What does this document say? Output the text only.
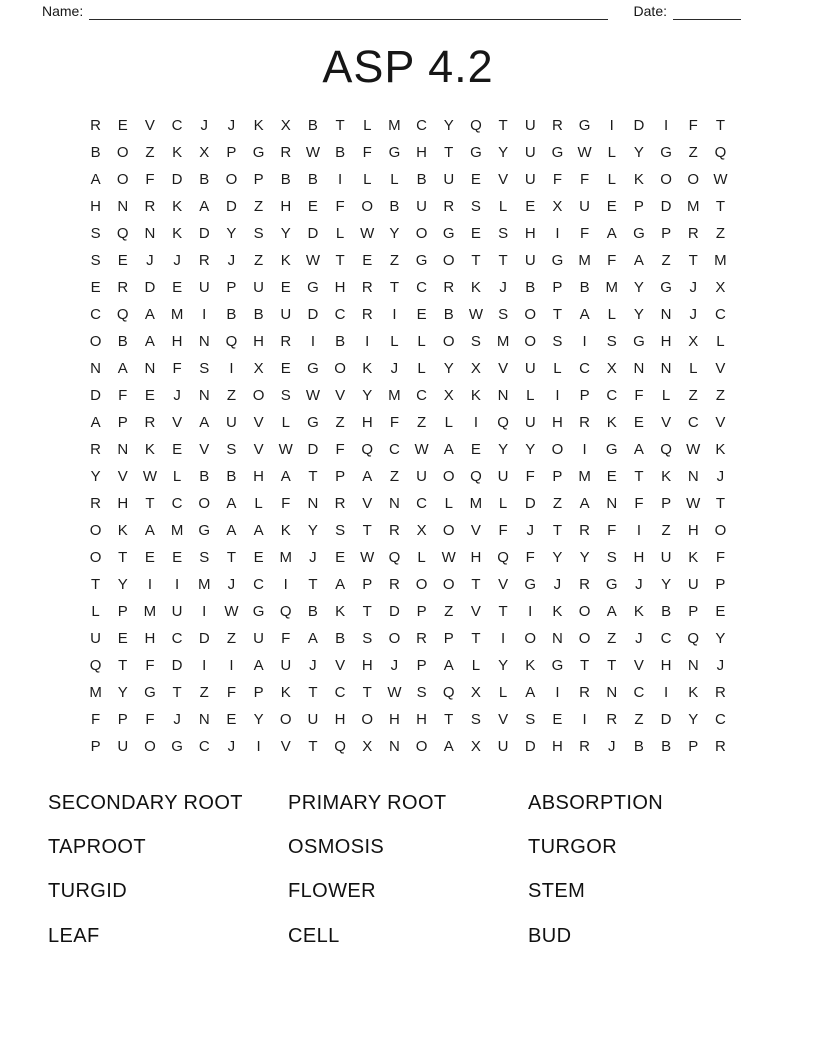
Name:	Date:
ASP 4.2
R	E	V	C	J	J	K	X	B	T	L	M	C	Y	Q	T	U	R	G	I	D	I	F	T
B	O	Z	K	X	P	G	R W	B	F	G	H	T	G	Y	U	G W	L	Y	G	Z	Q
A	O	F	D	B	O	P	B	B	I	L	L	B	U	E	V	U	F	F	L	K	O	O W
H	N	R	K	A	D	Z	H	E	F	O	B	U	R	S	L	E	X	U	E	P	D	M	T
S	Q	N	K	D	Y	S	Y	D	L	W	Y	O	G	E	S	H	I	F	A	G	P	R	Z
S	E	J	J	R	J	Z	K	W	T	E	Z	G	O	T	T	U	G	M	F	A	Z	T	M
E	R	D	E	U	P	U	E	G	H	R	T	C	R	K	J	B	P	B	M	Y	G	J	X
C	Q	A	M	I	B	B	U	D	C	R	I	E	B	W	S	O	T	A	L	Y	N	J	C
O	B	A	H	N	Q	H	R	I	B	I	L	L	O	S	M	O	S	I	S	G	H	X	L
N	A	N	F	S	I	X	E	G	O	K	J	L	Y	X	V	U	L	C	X	N	N	L	V
D	F	E	J	N	Z	O	S	W	V	Y	M	C	X	K	N	L	I	P	C	F	L	Z	Z
A	P	R	V	A	U	V	L	G	Z	H	F	Z	L	I	Q	U	H	R	K	E	V	C	V
R	N	K	E	V	S	V	W D	F	Q	C W	A	E	Y	Y	O	I	G	A	Q W	K
Y	V	W	L	B	B	H	A	T	P	A	Z	U	O	Q	U	F	P	M	E	T	K	N	J
R	H	T	C	O	A	L	F	N	R	V	N	C	L	M	L	D	Z	A	N	F	P	W	T
O	K	A	M	G	A	A	K	Y	S	T	R	X	O	V	F	J	T	R	F	I	Z	H	O
O	T	E	E	S	T	E	M	J	E	W Q	L	W H	Q	F	Y	Y	S	H	U	K	F
T	Y	I	I	M	J	C	I	T	A	P	R	O	O	T	V	G	J	R	G	J	Y	U	P
L	P	M	U	I	W G	Q	B	K	T	D	P	Z	V	T	I	K	O	A	K	B	P	E
U	E	H	C	D	Z	U	F	A	B	S	O	R	P	T	I	O	N	O	Z	J	C	Q	Y
Q	T	F	D	I	I	A	U	J	V	H	J	P	A	L	Y	K	G	T	T	V	H	N	J
M	Y	G	T	Z	F	P	K	T	C	T	W	S	Q	X	L	A	I	R	N	C	I	K	R
F	P	F	J	N	E	Y	O	U	H	O	H	H	T	S	V	S	E	I	R	Z	D	Y	C
P	U	O	G	C	J	I	V	T	Q	X	N	O	A	X	U	D	H	R	J	B	B	P	R
SECONDARY ROOT	PRIMARY ROOT	ABSORPTION
TAPROOT	OSMOSIS	TURGOR
TURGID	FLOWER	STEM
LEAF	CELL	BUD
